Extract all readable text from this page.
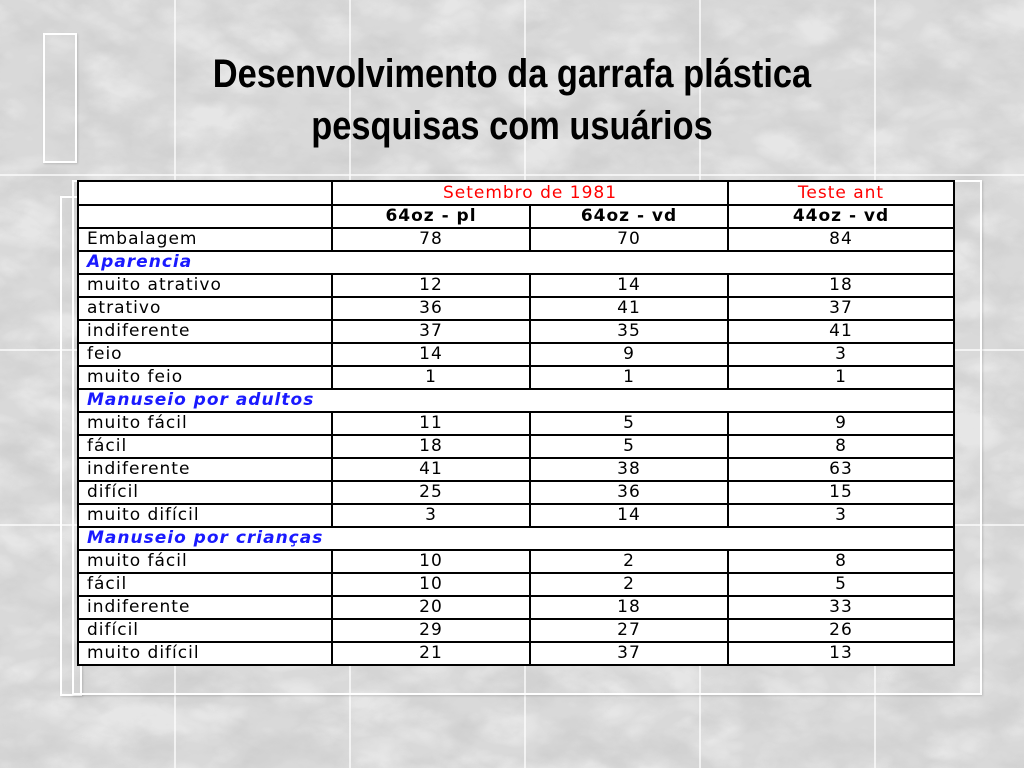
Desenvolvimento da garrafa plástica
pesquisas com usuários
	Setembro de 1981		Teste ant
	64oz - pl	64oz - vd	44oz - vd
Embalagem	78	70	84
Aparencia			
muito atrativo	12	14	18
atrativo	36	41	37
indiferente	37	35	41
feio	14	9	3
muito feio	1	1	1
Manuseio por adultos			
muito fácil	11	5	9
fácil	18	5	8
indiferente	41	38	63
difícil	25	36	15
muito difícil	3	14	3
Manuseio por crianças			
muito fácil	10	2	8
fácil	10	2	5
indiferente	20	18	33
difícil	29	27	26
muito difícil	21	37	13
